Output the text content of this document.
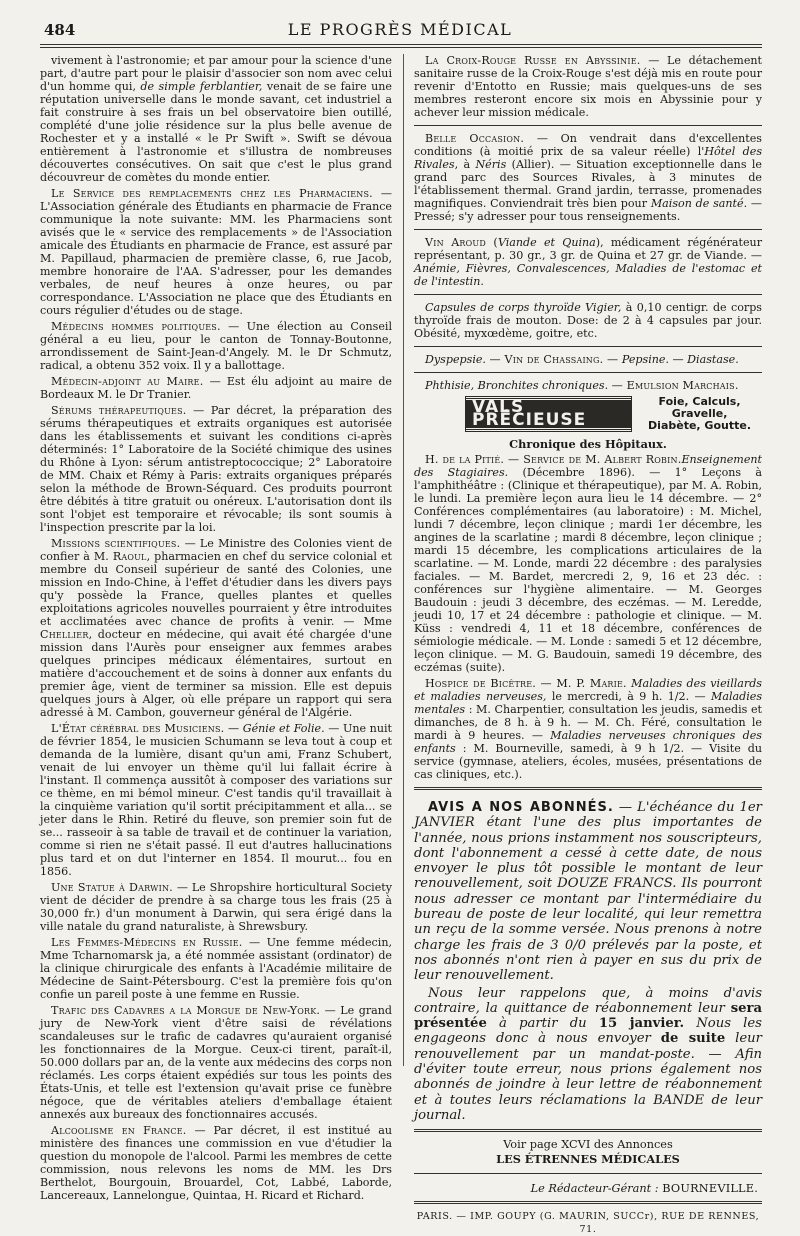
484	LE PROGRÈS MÉDICAL

vivement à l'astronomie; et par amour pour la science d'une part, d'autre part pour le plaisir d'associer son nom avec celui d'un homme qui, de simple ferblantier, venait de se faire une réputation universelle dans le monde savant, cet industriel a fait construire à ses frais un bel observatoire bien outillé, complété d'une jolie résidence sur la plus belle avenue de Rochester et y a installé « le Pr Swift ». Swift se dévoua entièrement à l'astronomie et s'illustra de nombreuses découvertes consécutives. On sait que c'est le plus grand découvreur de comètes du monde entier.

Le Service des remplacements chez les Pharmaciens. — L'Association générale des Étudiants en pharmacie de France communique la note suivante: MM. les Pharmaciens sont avisés que le « service des remplacements » de l'Association amicale des Étudiants en pharmacie de France, est assuré par M. Papillaud, pharmacien de première classe, 6, rue Jacob, membre honoraire de l'AA. S'adresser, pour les demandes verbales, de neuf heures à onze heures, ou par correspondance. L'Association ne place que des Étudiants en cours régulier d'études ou de stage.

Médecins hommes politiques. — Une élection au Conseil général a eu lieu, pour le canton de Tonnay-Boutonne, arrondissement de Saint-Jean-d'Angely. M. le Dr Schmutz, radical, a obtenu 352 voix. Il y a ballottage.

Médecin-adjoint au Maire. — Est élu adjoint au maire de Bordeaux M. le Dr Tranier.

Sérums thérapeutiques. — Par décret, la préparation des sérums thérapeutiques et extraits organiques est autorisée dans les établissements et suivant les conditions ci-après déterminés: 1° Laboratoire de la Société chimique des usines du Rhône à Lyon: sérum antistreptococcique; 2° Laboratoire de MM. Chaix et Rémy à Paris: extraits organiques préparés selon la méthode de Brown-Séquard. Ces produits pourront être débités à titre gratuit ou onéreux. L'autorisation dont ils sont l'objet est temporaire et révocable; ils sont soumis à l'inspection prescrite par la loi.

Missions scientifiques. — Le Ministre des Colonies vient de confier à M. Raoul, pharmacien en chef du service colonial et membre du Conseil supérieur de santé des Colonies, une mission en Indo-Chine, à l'effet d'étudier dans les divers pays qu'y possède la France, quelles plantes et quelles exploitations agricoles nouvelles pourraient y être introduites et acclimatées avec chance de profits à venir. — Mme Chellier, docteur en médecine, qui avait été chargée d'une mission dans l'Aurès pour enseigner aux femmes arabes quelques principes médicaux élémentaires, surtout en matière d'accouchement et de soins à donner aux enfants du premier âge, vient de terminer sa mission. Elle est depuis quelques jours à Alger, où elle prépare un rapport qui sera adressé à M. Cambon, gouverneur général de l'Algérie.

L'État cérébral des Musiciens. — Génie et Folie. — Une nuit de février 1854, le musicien Schumann se leva tout à coup et demanda de la lumière, disant qu'un ami, Franz Schubert, venait de lui envoyer un thème qu'il lui fallait écrire à l'instant. Il commença aussitôt à composer des variations sur ce thème, en mi bémol mineur. C'est tandis qu'il travaillait à la cinquième variation qu'il sortit précipitamment et alla... se jeter dans le Rhin. Retiré du fleuve, son premier soin fut de se... rasseoir à sa table de travail et de continuer la variation, comme si rien ne s'était passé. Il eut d'autres hallucinations plus tard et on dut l'interner en 1854. Il mourut... fou en 1856.

Une Statue à Darwin. — Le Shropshire horticultural Society vient de décider de prendre à sa charge tous les frais (25 à 30,000 fr.) d'un monument à Darwin, qui sera érigé dans la ville natale du grand naturaliste, à Shrewsbury.

Les Femmes-Médecins en Russie. — Une femme médecin, Mme Tcharnomarsk ja, a été nommée assistant (ordinator) de la clinique chirurgicale des enfants à l'Académie militaire de Médecine de Saint-Pétersbourg. C'est la première fois qu'on confie un pareil poste à une femme en Russie.

Trafic des Cadavres a la Morgue de New-York. — Le grand jury de New-York vient d'être saisi de révélations scandaleuses sur le trafic de cadavres qu'auraient organisé les fonctionnaires de la Morgue. Ceux-ci tirent, paraît-il, 50.000 dollars par an, de la vente aux médecins des corps non réclamés. Les corps étaient expédiés sur tous les points des États-Unis, et telle est l'extension qu'avait prise ce funèbre négoce, que de véritables ateliers d'emballage étaient annexés aux bureaux des fonctionnaires accusés.

Alcoolisme en France. — Par décret, il est institué au ministère des finances une commission en vue d'étudier la question du monopole de l'alcool. Parmi les membres de cette commission, nous relevons les noms de MM. les Drs Berthelot, Bourgouin, Brouardel, Cot, Labbé, Laborde, Lancereaux, Lannelongue, Quintaa, H. Ricard et Richard.

La Croix-Rouge Russe en Abyssinie. — Le détachement sanitaire russe de la Croix-Rouge s'est déjà mis en route pour revenir d'Entotto en Russie; mais quelques-uns de ses membres resteront encore six mois en Abyssinie pour y achever leur mission médicale.

Belle Occasion. — On vendrait dans d'excellentes conditions (à moitié prix de sa valeur réelle) l'Hôtel des Rivales, à Néris (Allier). — Situation exceptionnelle dans le grand parc des Sources Rivales, à 3 minutes de l'établissement thermal. Grand jardin, terrasse, promenades magnifiques. Conviendrait très bien pour Maison de santé. — Pressé; s'y adresser pour tous renseignements.

Vin Aroud (Viande et Quina), médicament régénérateur représentant, p. 30 gr., 3 gr. de Quina et 27 gr. de Viande. — Anémie, Fièvres, Convalescences, Maladies de l'estomac et de l'intestin.

Capsules de corps thyroïde Vigier, à 0,10 centigr. de corps thyroïde frais de mouton. Dose: de 2 à 4 capsules par jour. Obésité, myxœdème, goitre, etc.

Dyspepsie. — Vin de Chassaing. — Pepsine. — Diastase.

Phthisie, Bronchites chroniques. — Emulsion Marchais.

VALS PRÉCIEUSE
Foie, Calculs, Gravelle,
Diabète, Goutte.
Chronique des Hôpitaux.

H. de la Pitié. — Service de M. Albert Robin.Enseignement des Stagiaires. (Décembre 1896). — 1° Leçons à l'amphithéâtre : (Clinique et thérapeutique), par M. A. Robin, le lundi. La première leçon aura lieu le 14 décembre. — 2° Conférences complémentaires (au laboratoire) : M. Michel, lundi 7 décembre, leçon clinique ; mardi 1er décembre, les angines de la scarlatine ; mardi 8 décembre, leçon clinique ; mardi 15 décembre, les complications articulaires de la scarlatine. — M. Londe, mardi 22 décembre : des paralysies faciales. — M. Bardet, mercredi 2, 9, 16 et 23 déc. : conférences sur l'hygiène alimentaire. — M. Georges Baudouin : jeudi 3 décembre, des eczémas. — M. Leredde, jeudi 10, 17 et 24 décembre : pathologie et clinique. — M. Küss : vendredi 4, 11 et 18 décembre, conférences de sémiologie médicale. — M. Londe : samedi 5 et 12 décembre, leçon clinique. — M. G. Baudouin, samedi 19 décembre, des eczémas (suite).

Hospice de Bicêtre. — M. P. Marie. Maladies des vieillards et maladies nerveuses, le mercredi, à 9 h. 1/2. — Maladies mentales : M. Charpentier, consultation les jeudis, samedis et dimanches, de 8 h. à 9 h. — M. Ch. Féré, consultation le mardi à 9 heures. — Maladies nerveuses chroniques des enfants : M. Bourneville, samedi, à 9 h 1/2. — Visite du service (gymnase, ateliers, écoles, musées, présentations de cas cliniques, etc.).

AVIS A NOS ABONNÉS. — L'échéance du 1er JANVIER étant l'une des plus importantes de l'année, nous prions instamment nos souscripteurs, dont l'abonnement a cessé à cette date, de nous envoyer le plus tôt possible le montant de leur renouvellement, soit DOUZE FRANCS. Ils pourront nous adresser ce montant par l'intermédiaire du bureau de poste de leur localité, qui leur remettra un reçu de la somme versée. Nous prenons à notre charge les frais de 3 0/0 prélevés par la poste, et nos abonnés n'ont rien à payer en sus du prix de leur renouvellement.

Nous leur rappelons que, à moins d'avis contraire, la quittance de réabonnement leur sera présentée à partir du 15 janvier. Nous les engageons donc à nous envoyer de suite leur renouvellement par un mandat-poste. — Afin d'éviter toute erreur, nous prions également nos abonnés de joindre à leur lettre de réabonnement et à toutes leurs réclamations la BANDE de leur journal.

Voir page XCVI des Annonces
LES ÉTRENNES MÉDICALES
Le Rédacteur-Gérant : BOURNEVILLE.
PARIS. — IMP. GOUPY (G. MAURIN, SUCCr), RUE DE RENNES, 71.
